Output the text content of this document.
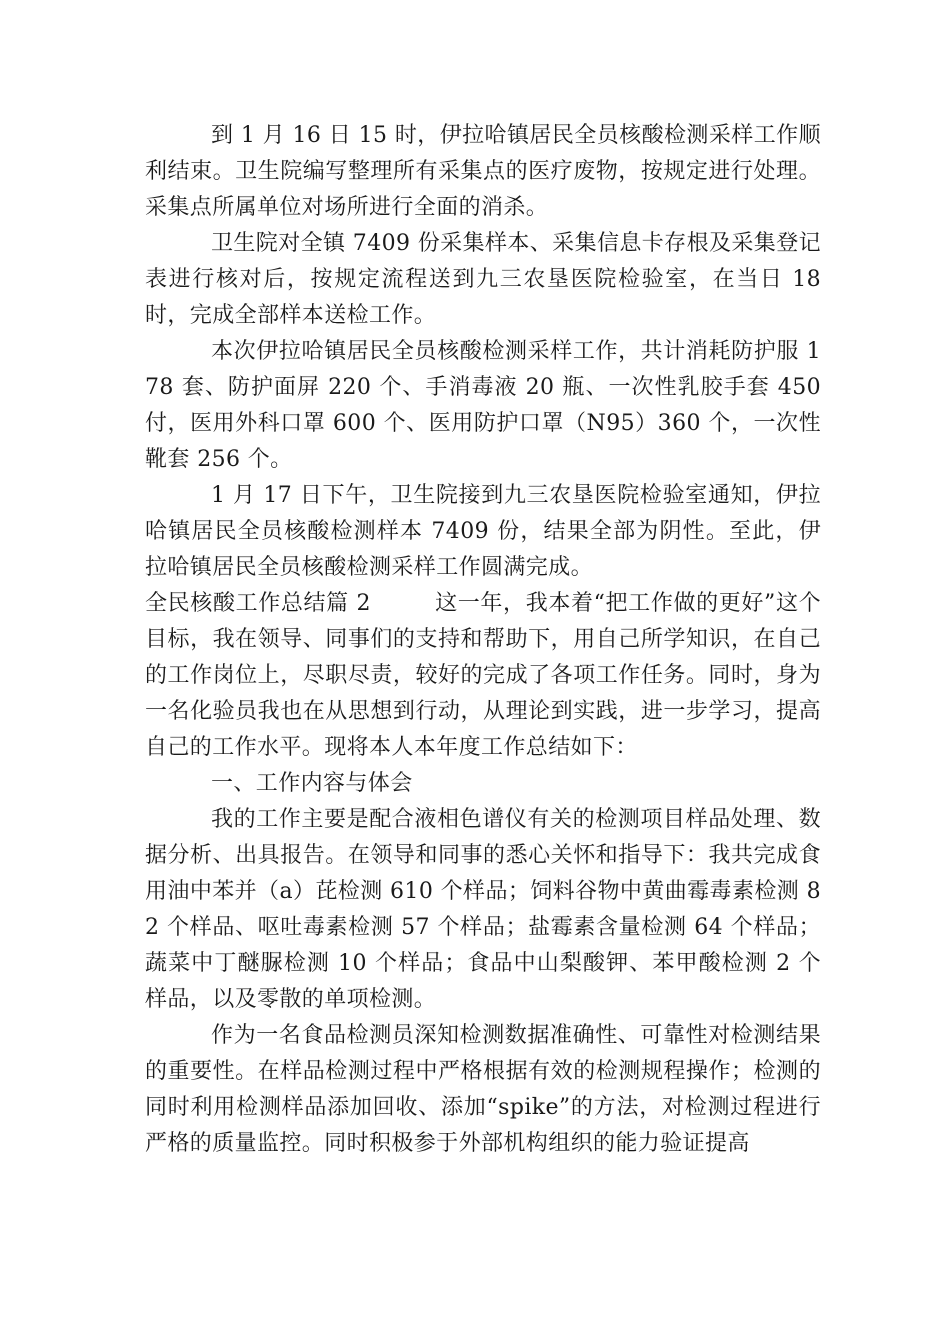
到 1 月 16 日 15 时，伊拉哈镇居民全员核酸检测采样工作顺利结束。卫生院编写整理所有采集点的医疗废物，按规定进行处理。采集点所属单位对场所进行全面的消杀。

卫生院对全镇 7409 份采集样本、采集信息卡存根及采集登记表进行核对后，按规定流程送到九三农垦医院检验室，在当日 18 时，完成全部样本送检工作。

本次伊拉哈镇居民全员核酸检测采样工作，共计消耗防护服 178 套、防护面屏 220 个、手消毒液 20 瓶、一次性乳胶手套 450 付，医用外科口罩 600 个、医用防护口罩（N95）360 个，一次性靴套 256 个。

1 月 17 日下午，卫生院接到九三农垦医院检验室通知，伊拉哈镇居民全员核酸检测样本 7409 份，结果全部为阴性。至此，伊拉哈镇居民全员核酸检测采样工作圆满完成。

全民核酸工作总结篇 2	这一年，我本着“把工作做的更好”这个目标，我在领导、同事们的支持和帮助下，用自己所学知识，在自己的工作岗位上，尽职尽责，较好的完成了各项工作任务。同时，身为一名化验员我也在从思想到行动，从理论到实践，进一步学习，提高自己的工作水平。现将本人本年度工作总结如下：

一、工作内容与体会

我的工作主要是配合液相色谱仪有关的检测项目样品处理、数据分析、出具报告。在领导和同事的悉心关怀和指导下：我共完成食用油中苯并（a）芘检测 610 个样品；饲料谷物中黄曲霉毒素检测 82 个样品、呕吐毒素检测 57 个样品；盐霉素含量检测 64 个样品；蔬菜中丁醚脲检测 10 个样品；食品中山梨酸钾、苯甲酸检测 2 个样品，以及零散的单项检测。

作为一名食品检测员深知检测数据准确性、可靠性对检测结果的重要性。在样品检测过程中严格根据有效的检测规程操作；检测的同时利用检测样品添加回收、添加“spike”的方法，对检测过程进行严格的质量监控。同时积极参于外部机构组织的能力验证提高
